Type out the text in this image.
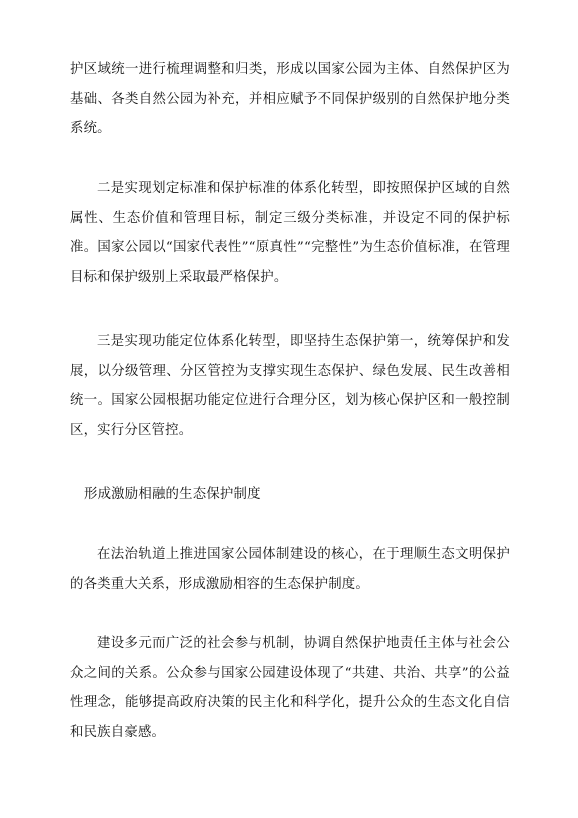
护区域统一进行梳理调整和归类，形成以国家公园为主体、自然保护区为基础、各类自然公园为补充，并相应赋予不同保护级别的自然保护地分类系统。

二是实现划定标准和保护标准的体系化转型，即按照保护区域的自然属性、生态价值和管理目标，制定三级分类标准，并设定不同的保护标准。国家公园以“国家代表性”“原真性”“完整性”为生态价值标准，在管理目标和保护级别上采取最严格保护。

三是实现功能定位体系化转型，即坚持生态保护第一，统筹保护和发展，以分级管理、分区管控为支撑实现生态保护、绿色发展、民生改善相统一。国家公园根据功能定位进行合理分区，划为核心保护区和一般控制区，实行分区管控。

形成激励相融的生态保护制度

在法治轨道上推进国家公园体制建设的核心，在于理顺生态文明保护的各类重大关系，形成激励相容的生态保护制度。

建设多元而广泛的社会参与机制，协调自然保护地责任主体与社会公众之间的关系。公众参与国家公园建设体现了“共建、共治、共享”的公益性理念，能够提高政府决策的民主化和科学化，提升公众的生态文化自信和民族自豪感。
